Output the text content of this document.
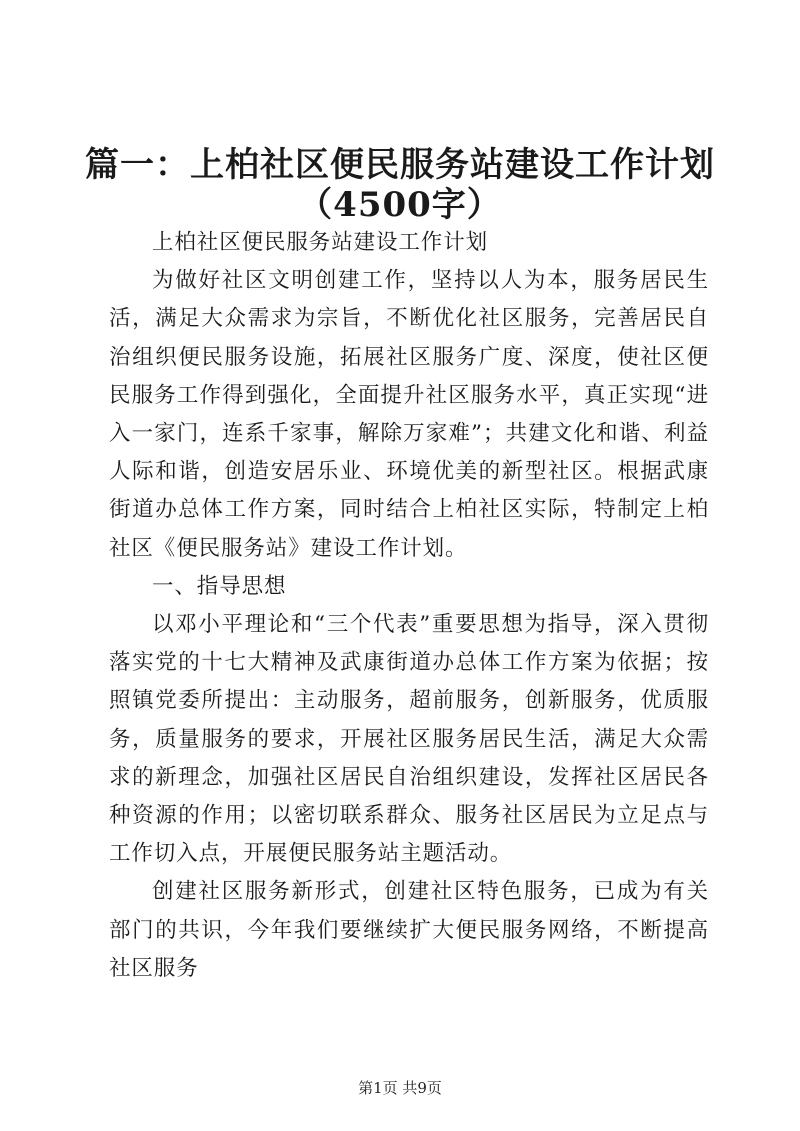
篇一：上柏社区便民服务站建设工作计划
（4500字）

上柏社区便民服务站建设工作计划

为做好社区文明创建工作，坚持以人为本，服务居民生活，满足大众需求为宗旨，不断优化社区服务，完善居民自治组织便民服务设施，拓展社区服务广度、深度，使社区便民服务工作得到强化，全面提升社区服务水平，真正实现“进入一家门，连系千家事，解除万家难”；共建文化和谐、利益人际和谐，创造安居乐业、环境优美的新型社区。根据武康街道办总体工作方案，同时结合上柏社区实际，特制定上柏社区《便民服务站》建设工作计划。

一、指导思想

以邓小平理论和“三个代表”重要思想为指导，深入贯彻落实党的十七大精神及武康街道办总体工作方案为依据；按照镇党委所提出：主动服务，超前服务，创新服务，优质服务，质量服务的要求，开展社区服务居民生活，满足大众需求的新理念，加强社区居民自治组织建设，发挥社区居民各种资源的作用；以密切联系群众、服务社区居民为立足点与工作切入点，开展便民服务站主题活动。

创建社区服务新形式，创建社区特色服务，已成为有关部门的共识，今年我们要继续扩大便民服务网络，不断提高社区服务

第1页 共9页
